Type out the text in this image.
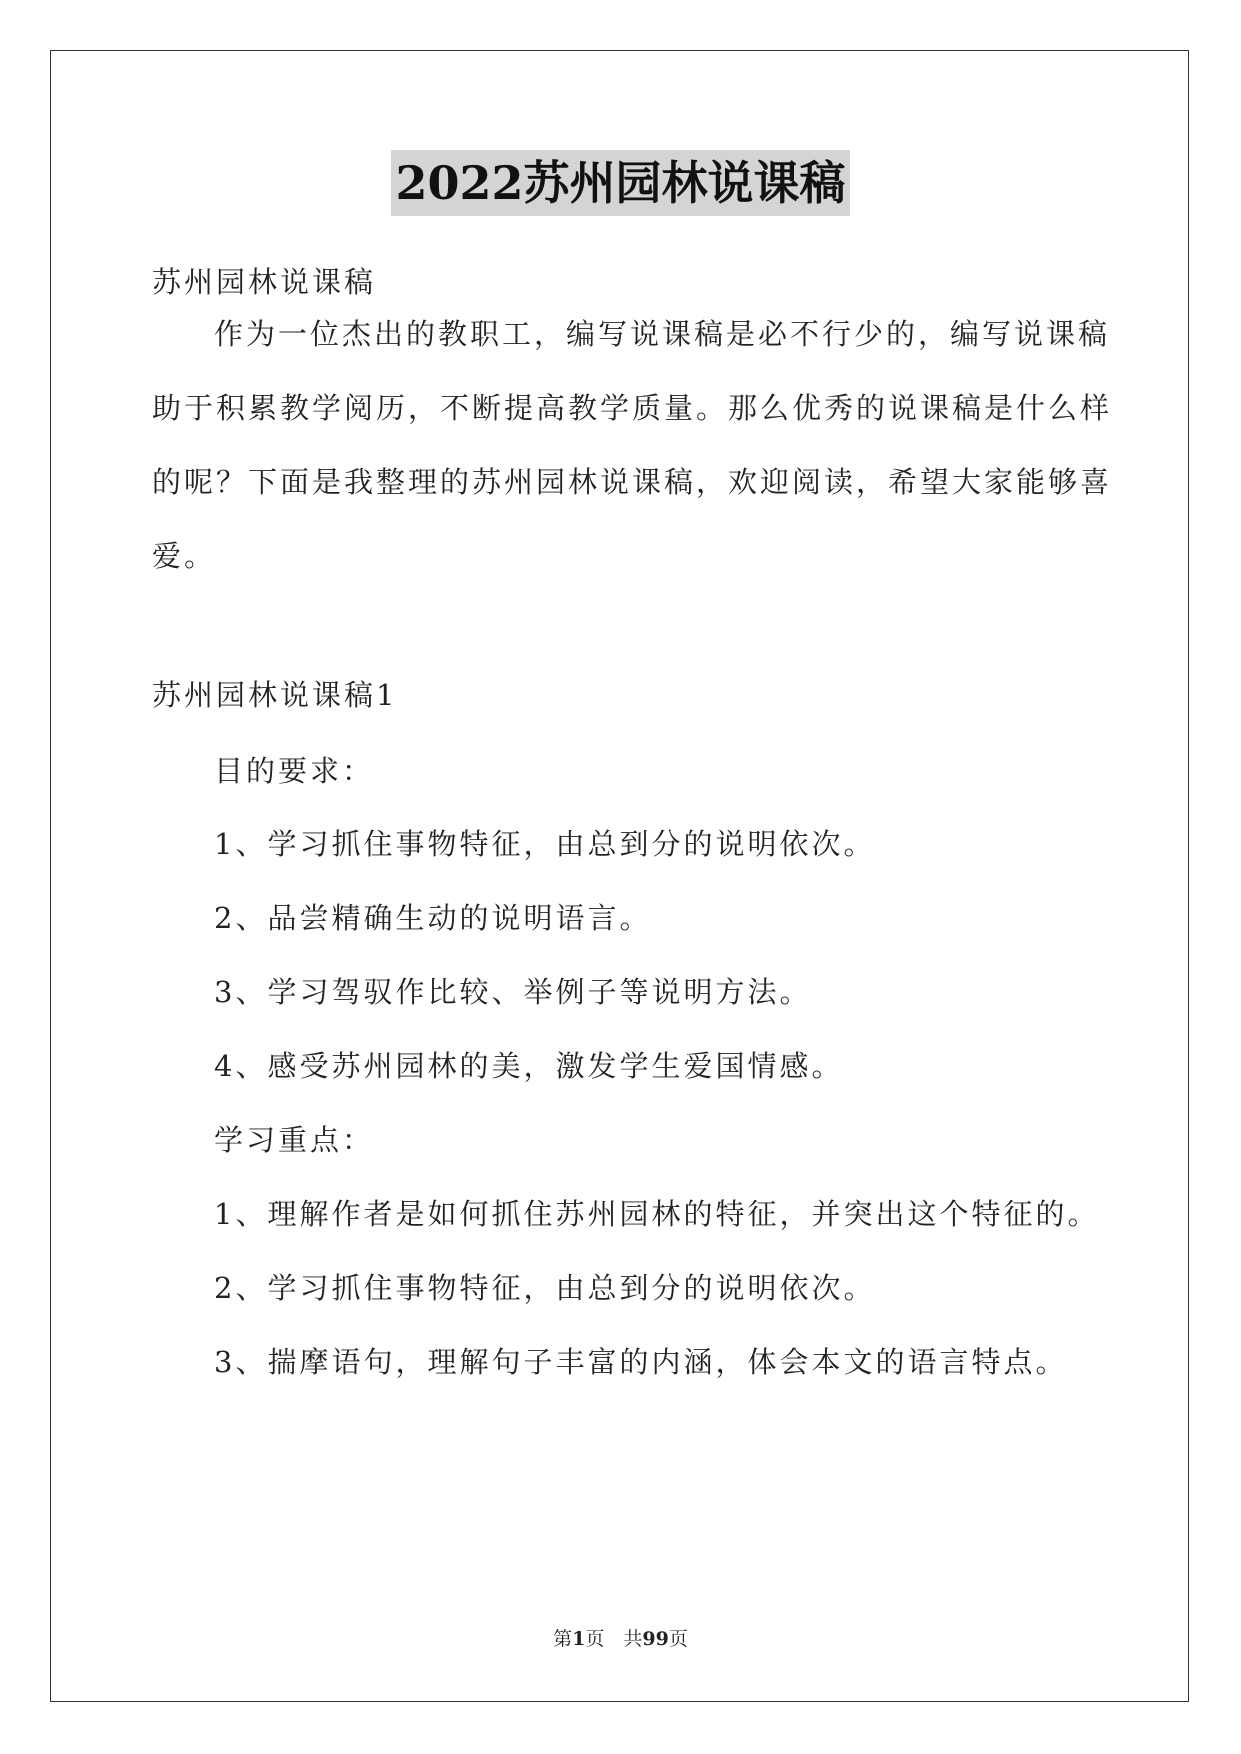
2022苏州园林说课稿
苏州园林说课稿
作为一位杰出的教职工，编写说课稿是必不行少的，编写说课稿
助于积累教学阅历，不断提高教学质量。那么优秀的说课稿是什么样
的呢？下面是我整理的苏州园林说课稿，欢迎阅读，希望大家能够喜
爱。
苏州园林说课稿1
目的要求：
1、学习抓住事物特征，由总到分的说明依次。
2、品尝精确生动的说明语言。
3、学习驾驭作比较、举例子等说明方法。
4、感受苏州园林的美，激发学生爱国情感。
学习重点：
1、理解作者是如何抓住苏州园林的特征，并突出这个特征的。
2、学习抓住事物特征，由总到分的说明依次。
3、揣摩语句，理解句子丰富的内涵，体会本文的语言特点。
第1页　共99页
